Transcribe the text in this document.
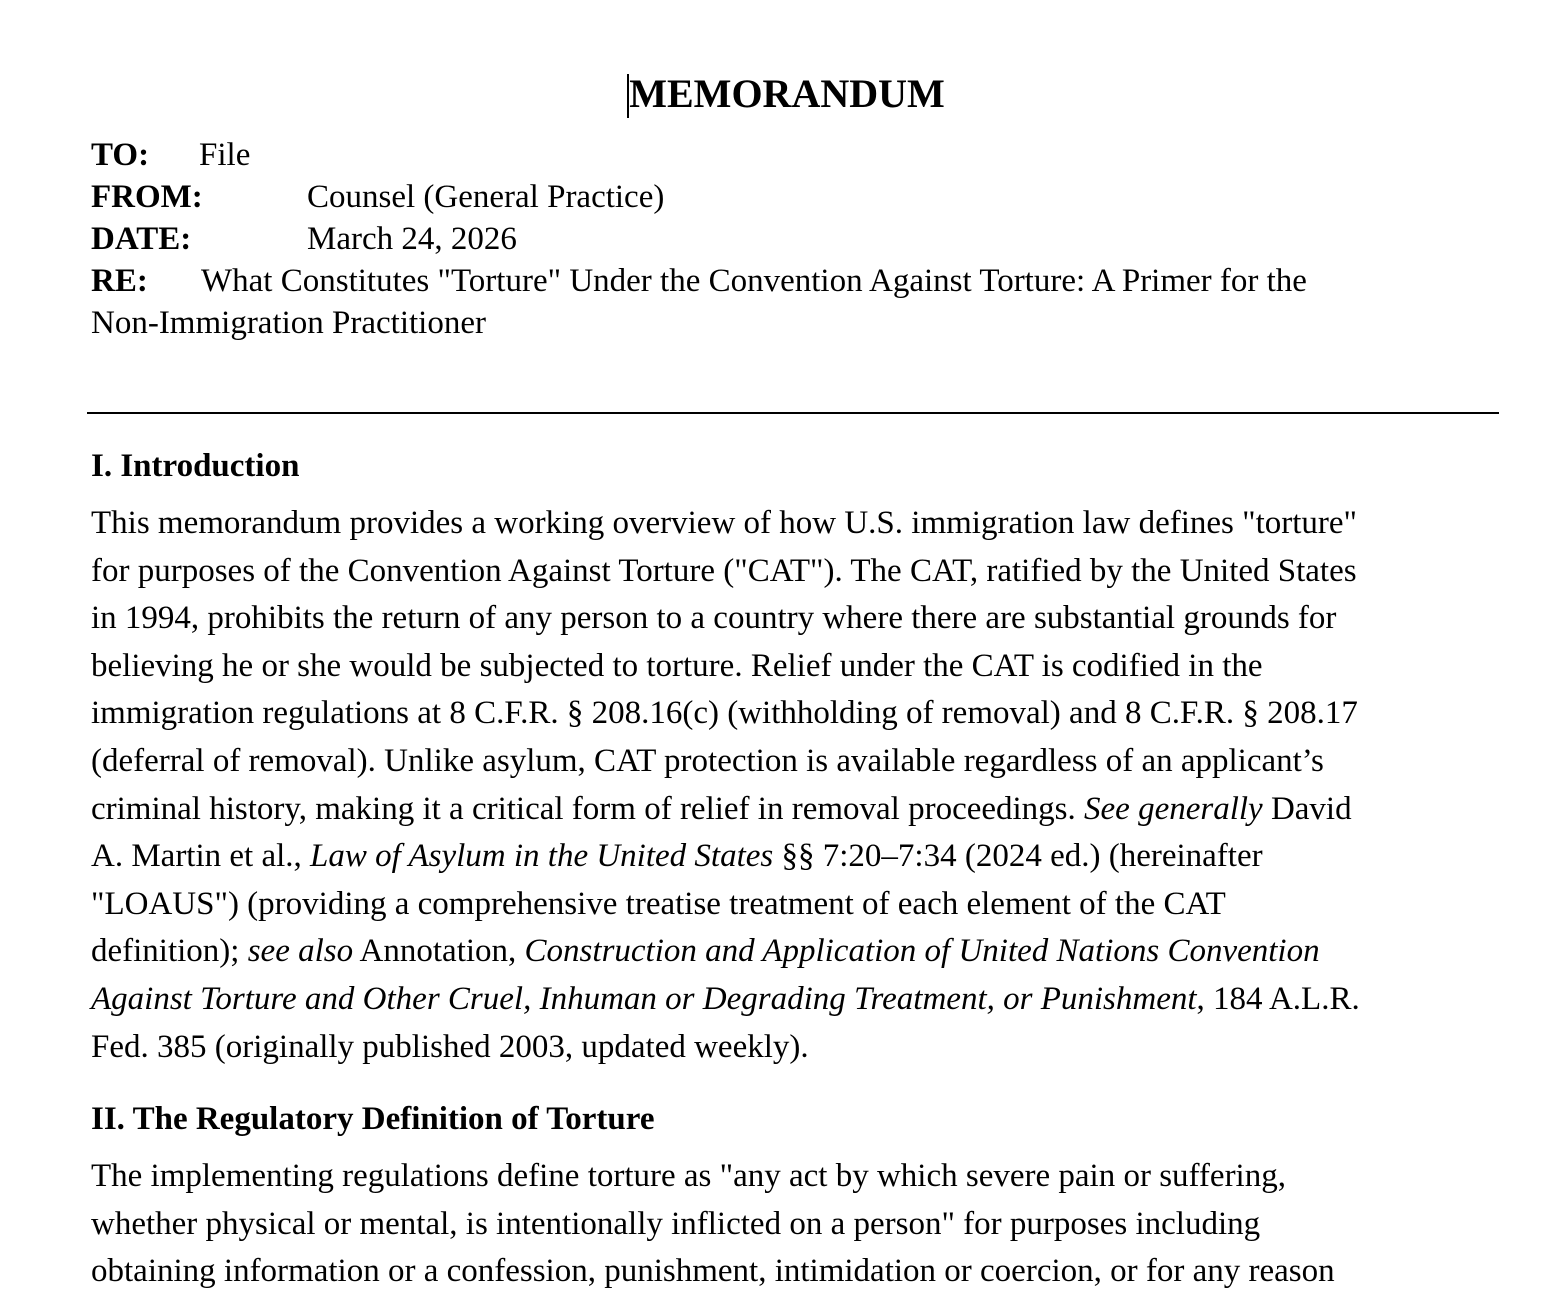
MEMORANDUM
TO: File
FROM:	Counsel (General Practice)
DATE:	March 24, 2026
RE: What Constitutes "Torture" Under the Convention Against Torture: A Primer for the
Non-Immigration Practitioner
I. Introduction

This memorandum provides a working overview of how U.S. immigration law defines "torture"
for purposes of the Convention Against Torture ("CAT"). The CAT, ratified by the United States
in 1994, prohibits the return of any person to a country where there are substantial grounds for
believing he or she would be subjected to torture. Relief under the CAT is codified in the
immigration regulations at 8 C.F.R. § 208.16(c) (withholding of removal) and 8 C.F.R. § 208.17
(deferral of removal). Unlike asylum, CAT protection is available regardless of an applicant’s
criminal history, making it a critical form of relief in removal proceedings. See generally David
A. Martin et al., Law of Asylum in the United States §§ 7:20–7:34 (2024 ed.) (hereinafter
"LOAUS") (providing a comprehensive treatise treatment of each element of the CAT
definition); see also Annotation, Construction and Application of United Nations Convention
Against Torture and Other Cruel, Inhuman or Degrading Treatment, or Punishment, 184 A.L.R.
Fed. 385 (originally published 2003, updated weekly).

II. The Regulatory Definition of Torture

The implementing regulations define torture as "any act by which severe pain or suffering,
whether physical or mental, is intentionally inflicted on a person" for purposes including
obtaining information or a confession, punishment, intimidation or coercion, or for any reason
